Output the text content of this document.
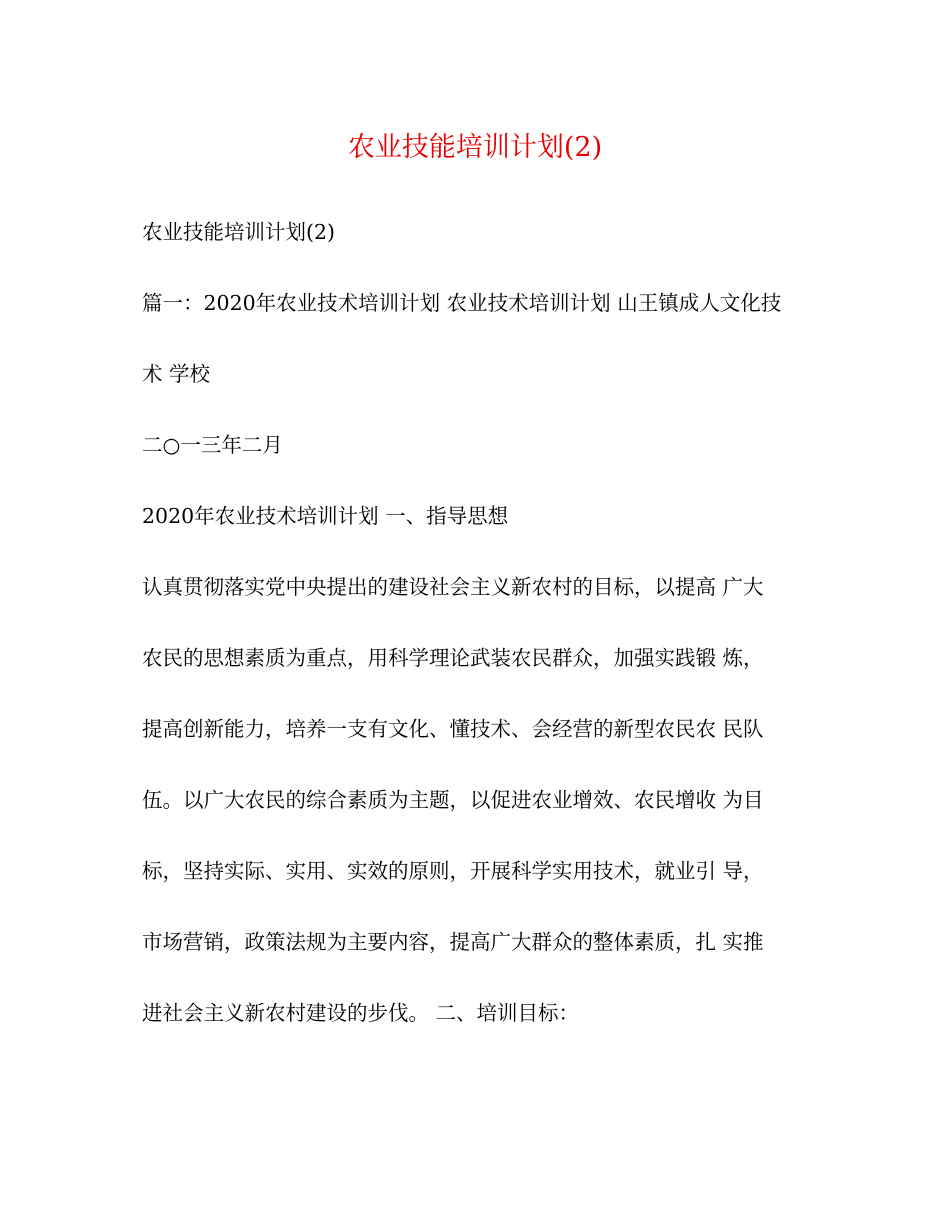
农业技能培训计划(2)
农业技能培训计划(2)
篇一：2020年农业技术培训计划 农业技术培训计划 山王镇成人文化技
术 学校
二○一三年二月
2020年农业技术培训计划 一、指导思想
认真贯彻落实党中央提出的建设社会主义新农村的目标，以提高 广大
农民的思想素质为重点，用科学理论武装农民群众，加强实践锻 炼，
提高创新能力，培养一支有文化、懂技术、会经营的新型农民农 民队
伍。以广大农民的综合素质为主题，以促进农业增效、农民增收 为目
标，坚持实际、实用、实效的原则，开展科学实用技术，就业引 导，
市场营销，政策法规为主要内容，提高广大群众的整体素质，扎 实推
进社会主义新农村建设的步伐。 二、培训目标：
